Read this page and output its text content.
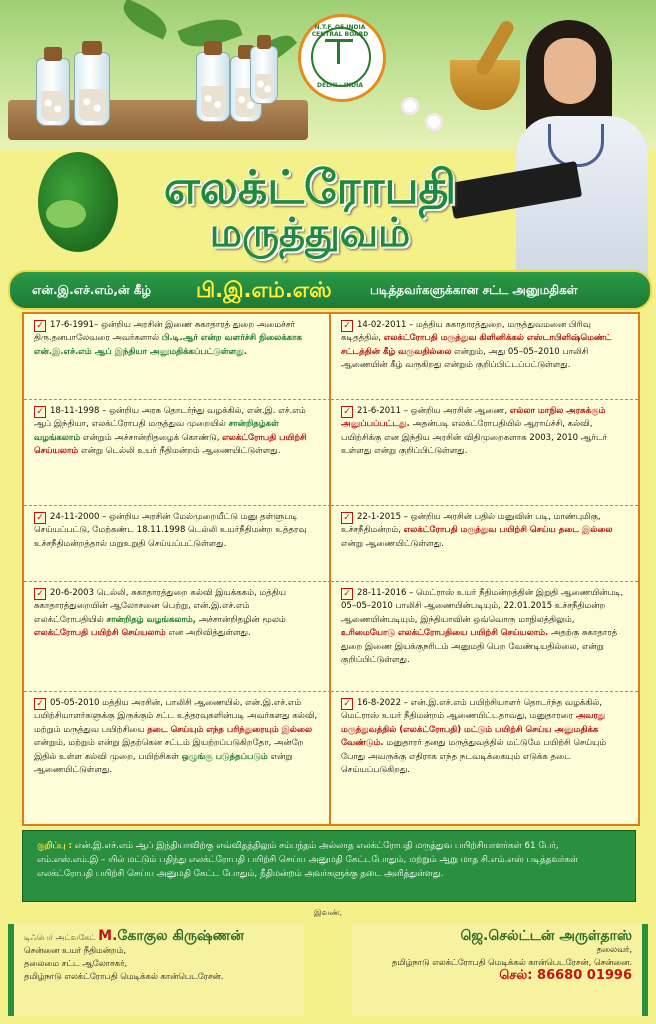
N.T.F. OF INDIA CENTRAL BOARD
DELHI - INDIA
எலக்ட்ரோபதி
மருத்துவம்
என்.இ.எச்.எம்,ன் கீழ் பி.இ.எம்.எஸ்	படித்தவர்களுக்கான சட்ட அனுமதிகள்
✓ 17-6-1991– ஒன்றிய அரசின் இணை சுகாதாரத் துறை அமைச்சர் திரு.தனபாலேவரை அவர்களால் பி.டி.ஆர் என்ற வளர்ச்சி நிலைக்காக என்.இ.எச்.எம் ஆப் இந்தியா அனுமதிக்கப்பட்டுள்ளது.
✓ 14-02-2011 – மத்திய சுகாதாரத்துறை, மருத்துவமனை பிரிவு கடிதத்தில், எலக்ட்ரோபதி மருத்துவ கிளினிக்கல் எஸ்டாபிளிஷ்மெண்ட் சட்டத்தின் கீழ் வருவதில்லை என்றும், அது 05–05–2010 பாலிசி ஆணையின் கீழ் வருகிறது என்றும் குறிப்பிட்டப்பட்டுள்ளது.
✓ 18-11-1998 – ஒன்றிய அரசு தொடர்ந்து வழக்கில், என்.இ. எச்.எம் ஆப் இந்தியா, எலக்ட்ரோபதி மருத்துவ முறையில் சான்றிதழ்கள் வழங்கலாம் என்றும் அச்சான்றிதழைக் கொண்டு, எலக்ட்ரோபதி பயிற்சி செய்யலாம் என்று டெல்லி உயர் நீதிமன்றம் ஆணையிட்டுள்ளது.
✓ 21-6-2011 – ஒன்றிய அரசின் ஆணை, எல்லா மாநில அரசுக்கும் அனுப்பப்பட்டது. அதன்படி எலக்ட்ரோபதியில் ஆராய்ச்சி, கல்வி, பயிற்சிக்கு என இந்திய அரசின் விதிமுறைகளாக 2003, 2010 ஆர்டர் உள்ளது என்று குறிப்பிட்டுள்ளது.
✓ 24-11-2000 – ஒன்றிய அரசின் மேல்முறையீட்டு மனு தள்ளுபடி செய்யப்பட்டு, மேற்கண்ட 18.11.1998 டெல்லி உயர்நீதிமன்ற உத்தரவு உச்சநீதிமன்றத்தால் மறுஉறுதி செய்யப்பட்டுள்ளது.
✓ 22-1-2015 – ஒன்றிய அரசின் பதில் மனுவின் படி, மாண்புமிகு, உச்சநீதிமன்றம், எலக்ட்ரோபதி மருத்துவ பயிற்சி செய்ய தடை இல்லை என்று ஆணையிட்டுள்ளது.
✓ 20-6-2003 டெல்லி, சுகாதாரத்துறை கல்வி இயக்ககம், மத்திய சுகாதாரத்துறையின் ஆலோசனை பெற்று, என்.இ.எச்.எம் எலக்ட்ரோபதியில் சான்றிதழ் வழங்கலாம், அச்சான்றிதழின் மூலம் எலக்ட்ரோபதி பயிற்சி செய்யலாம் என அறிவித்துள்ளது.
✓ 28-11-2016 – மெட்ராஸ் உயர் நீதிமன்றத்தின் இறுதி ஆணையின்படி, 05–05–2010 பாலிசி ஆணையின்படியும், 22.01.2015 உச்சநீதிமன்ற ஆணையின்படியும், இந்தியாவின் ஒவ்வொரு மாநிலத்திலும், உரிமையோடு எலக்ட்ரோபதியை பயிற்சி செய்யலாம். அதற்கு சுகாதாரத் துறை இணை இயக்குநரிடம் அனுமதி பெற வேண்டியதில்லை, என்று குறிப்பிட்டுள்ளது.
✓ 05-05-2010 மத்திய அரசின், பாலிசி ஆணையில், என்.இ.எச்.எம் பயிற்சியாளர்களுக்கு இருக்கும் சட்ட உத்தரவுகளின்படி அவர்களது கல்வி, மற்றும் மருத்துவ பயிற்சியை தடை செய்யும் எந்த பரிந்துரையும் இல்லை என்றும், மற்றும் என்று இதற்கென சட்டம் இயற்றப்படுகிறதோ, அன்றே இதில் உள்ள கல்வி முறை, பயிற்சிகள் ஒழுங்கு படுத்தப்படும் என்று ஆணையிட்டுள்ளது.
✓ 16-8-2022 – என்.இ.எச்.எம் பயிற்சியாளர் தொடர்ந்த வழக்கில், மெட்ராஸ் உயர் நீதிமன்றம் ஆணையிட்டதாவது, மனுதாரரை அவரது மருத்துவத்தில் (எலக்ட்ரோபதி) மட்டும் பயிற்சி செய்ய அனுமதிக்க வேண்டும். மனுதாரர் தனது மருத்துவத்தில் மட்டுமே பயிற்சி செய்யும் போது அவருக்கு எதிராக எந்த நடவடிக்கையும் எடுக்க தடை செய்யப்படுகிறது.
குறிப்பு : என்.இ.எச்.எம் ஆப் இந்தியாவிற்கு எவ்விதத்திலும் சம்பந்தம் அல்லாத எலக்ட்ரோபதி மருத்துவ பயிற்சியாளர்கள் 61 பேர், எம்.எஸ்.எம்.இ – யில் மட்டும் பதிந்து எலக்ட்ரோபதி பயிற்சி செய்ய அனுமதி கேட்டபோதும், மற்றும் ஆறு மாத சி.எம்.எஸ் படித்தவர்கள் எலக்ட்ரோபதி பயிற்சி செய்ய அனுமதி கேட்ட போதும், நீதிமன்றம் அவர்களுக்கு தடை அளித்துள்ளது.
இவண்,
டிஃபெர் அட்வகேட் M.கோகுல கிருஷ்ணன்
சென்னை உயர் நீதிமன்றம்,
தலைமை சட்ட ஆலோசகர்,
தமிழ்நாடு எலக்ட்ரோபதி மெடிக்கல் கான்பெடரேசன்.
ஜெ.செல்ட்டன் அருள்தாஸ்
தலைவர்,
தமிழ்நாடு எலக்ட்ரோபதி மெடிக்கல் கான்பெடரேசன், சென்னை.
செல்: 86680 01996
